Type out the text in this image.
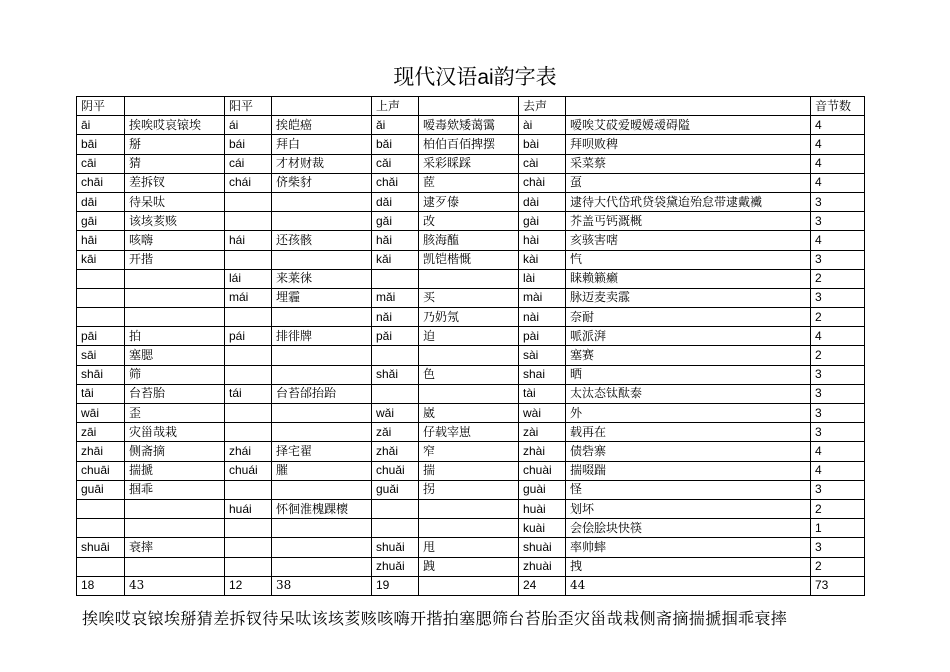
现代汉语ai韵字表
阴平		阳平		上声		去声		音节数
āi	挨唉哎哀锿埃	ái	挨皑癌	ǎi	嗳毒欸矮蔼霭	ài	嗳唉艾砹爱暧嫒叆碍隘	4
bāi	掰	bái	拜白	bǎi	柏伯百佰捭摆	bài	拜呗败稗	4
cāi	猜	cái	才材财裁	cǎi	采彩睬踩	cài	采菜蔡	4
chāi	差拆钗	chái	侪柴豺	chǎi	茝	chài	虿	4
dāi	待呆呔			dǎi	逮歹傣	dài	逮待大代岱玳贷袋黛迨殆怠带逮戴襶	3
gāi	该垓荄赅			gǎi	改	gài	芥盖丐钙溉概	3
hāi	咳嗨	hái	还孩骸	hǎi	胲海醢	hài	亥骇害嗐	4
kāi	开揩			kǎi	凯铠楷慨	kài	忾	3
		lái	来莱徕			lài	睐赖籁癞	2
		mái	埋霾	mǎi	买	mài	脉迈麦卖霡	3
				nǎi	乃奶氖	nài	奈耐	2
pāi	拍	pái	排徘牌	pǎi	迫	pài	哌派湃	4
sāi	塞腮					sài	塞赛	2
shāi	筛			shǎi	色	shai	晒	3
tāi	台苔胎	tái	台苔邰抬跆			tài	太汰态钛酞泰	3
wāi	歪			wǎi	崴	wài	外	3
zāi	灾甾哉栽			zǎi	仔载宰崽	zài	载再在	3
zhāi	侧斋摘	zhái	择宅翟	zhǎi	窄	zhài	债砦寨	4
chuāi	揣搋	chuái	膗	chuǎi	揣	chuài	揣啜踹	4
guāi	掴乖			guǎi	拐	guài	怪	3
		huái	怀徊淮槐踝櫰			huài	划坏	2
						kuài	会侩脍块快筷	1
shuāi	衰摔			shuǎi	甩	shuài	率帅蟀	3
				zhuǎi	跩	zhuài	拽	2
18	43	12	38	19		24	44	73
挨唉哎哀锿埃掰猜差拆钗待呆呔该垓荄赅咳嗨开揩拍塞腮筛台苔胎歪灾甾哉栽侧斋摘揣搋掴乖衰摔
